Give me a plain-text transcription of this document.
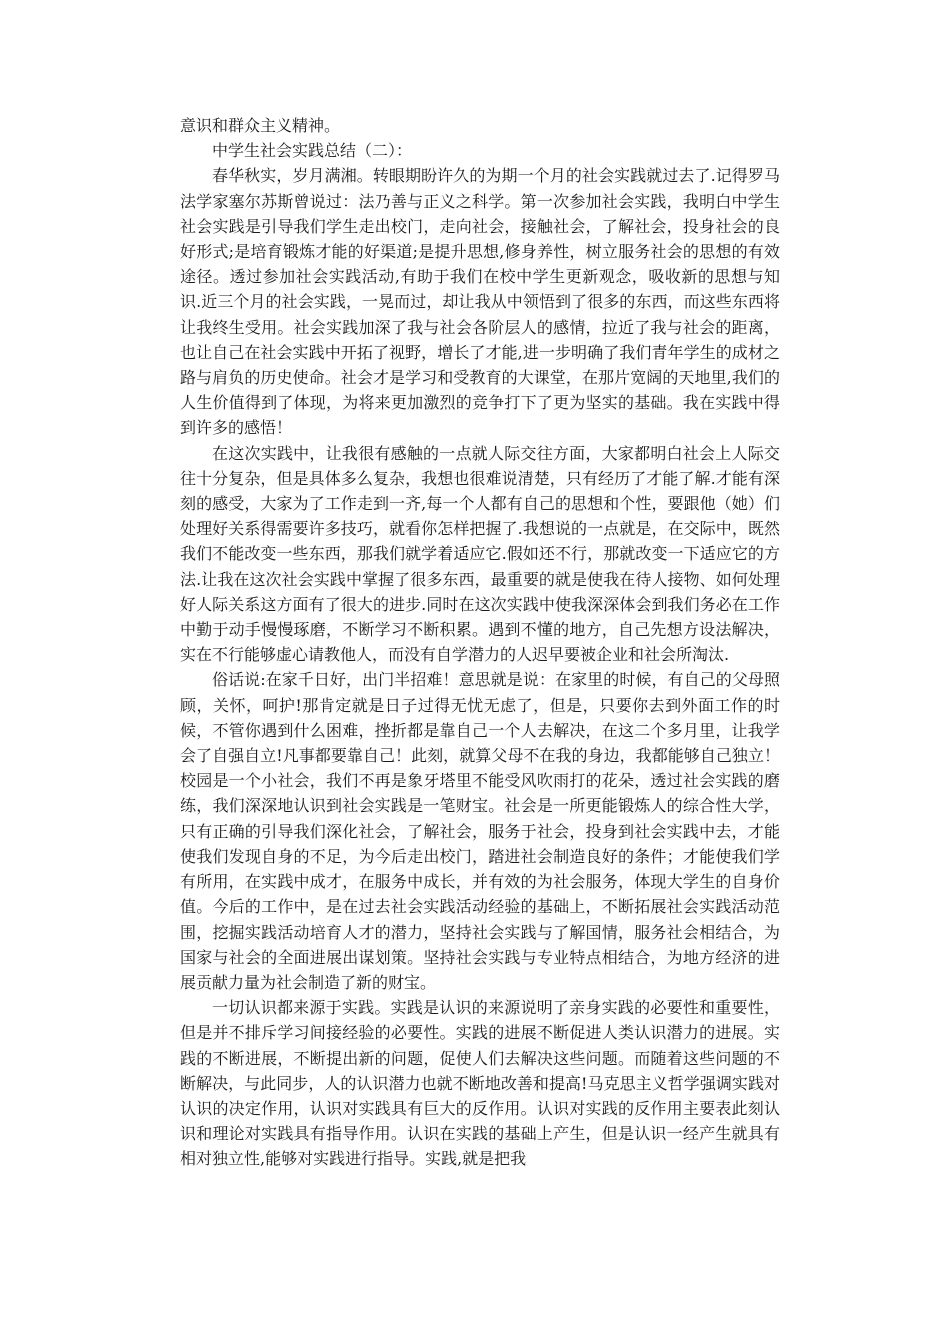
意识和群众主义精神。

中学生社会实践总结（二）：

春华秋实，岁月满湘。转眼期盼许久的为期一个月的社会实践就过去了.记得罗马法学家塞尔苏斯曾说过：法乃善与正义之科学。第一次参加社会实践，我明白中学生社会实践是引导我们学生走出校门，走向社会，接触社会，了解社会，投身社会的良好形式;是培育锻炼才能的好渠道;是提升思想,修身养性，树立服务社会的思想的有效途径。透过参加社会实践活动,有助于我们在校中学生更新观念，吸收新的思想与知识.近三个月的社会实践，一晃而过，却让我从中领悟到了很多的东西，而这些东西将让我终生受用。社会实践加深了我与社会各阶层人的感情，拉近了我与社会的距离，也让自己在社会实践中开拓了视野，增长了才能,进一步明确了我们青年学生的成材之路与肩负的历史使命。社会才是学习和受教育的大课堂，在那片宽阔的天地里,我们的人生价值得到了体现，为将来更加激烈的竞争打下了更为坚实的基础。我在实践中得到许多的感悟！

在这次实践中，让我很有感触的一点就人际交往方面，大家都明白社会上人际交往十分复杂，但是具体多么复杂，我想也很难说清楚，只有经历了才能了解.才能有深刻的感受，大家为了工作走到一齐,每一个人都有自己的思想和个性，要跟他（她）们处理好关系得需要许多技巧，就看你怎样把握了.我想说的一点就是，在交际中，既然我们不能改变一些东西，那我们就学着适应它.假如还不行，那就改变一下适应它的方法.让我在这次社会实践中掌握了很多东西，最重要的就是使我在待人接物、如何处理好人际关系这方面有了很大的进步.同时在这次实践中使我深深体会到我们务必在工作中勤于动手慢慢琢磨，不断学习不断积累。遇到不懂的地方，自己先想方设法解决，实在不行能够虚心请教他人，而没有自学潜力的人迟早要被企业和社会所淘汰.

俗话说:在家千日好，出门半招难！意思就是说：在家里的时候，有自己的父母照顾，关怀，呵护!那肯定就是日子过得无忧无虑了，但是，只要你去到外面工作的时候，不管你遇到什么困难，挫折都是靠自己一个人去解决，在这二个多月里，让我学会了自强自立!凡事都要靠自己！此刻，就算父母不在我的身边，我都能够自己独立！校园是一个小社会，我们不再是象牙塔里不能受风吹雨打的花朵，透过社会实践的磨练，我们深深地认识到社会实践是一笔财宝。社会是一所更能锻炼人的综合性大学，只有正确的引导我们深化社会，了解社会，服务于社会，投身到社会实践中去，才能使我们发现自身的不足，为今后走出校门，踏进社会制造良好的条件；才能使我们学有所用，在实践中成才，在服务中成长，并有效的为社会服务，体现大学生的自身价值。今后的工作中，是在过去社会实践活动经验的基础上，不断拓展社会实践活动范围，挖掘实践活动培育人才的潜力，坚持社会实践与了解国情，服务社会相结合，为国家与社会的全面进展出谋划策。坚持社会实践与专业特点相结合，为地方经济的进展贡献力量为社会制造了新的财宝。

一切认识都来源于实践。实践是认识的来源说明了亲身实践的必要性和重要性，但是并不排斥学习间接经验的必要性。实践的进展不断促进人类认识潜力的进展。实践的不断进展，不断提出新的问题，促使人们去解决这些问题。而随着这些问题的不断解决，与此同步，人的认识潜力也就不断地改善和提高!马克思主义哲学强调实践对认识的决定作用，认识对实践具有巨大的反作用。认识对实践的反作用主要表此刻认识和理论对实践具有指导作用。认识在实践的基础上产生，但是认识一经产生就具有相对独立性,能够对实践进行指导。实践,就是把我
